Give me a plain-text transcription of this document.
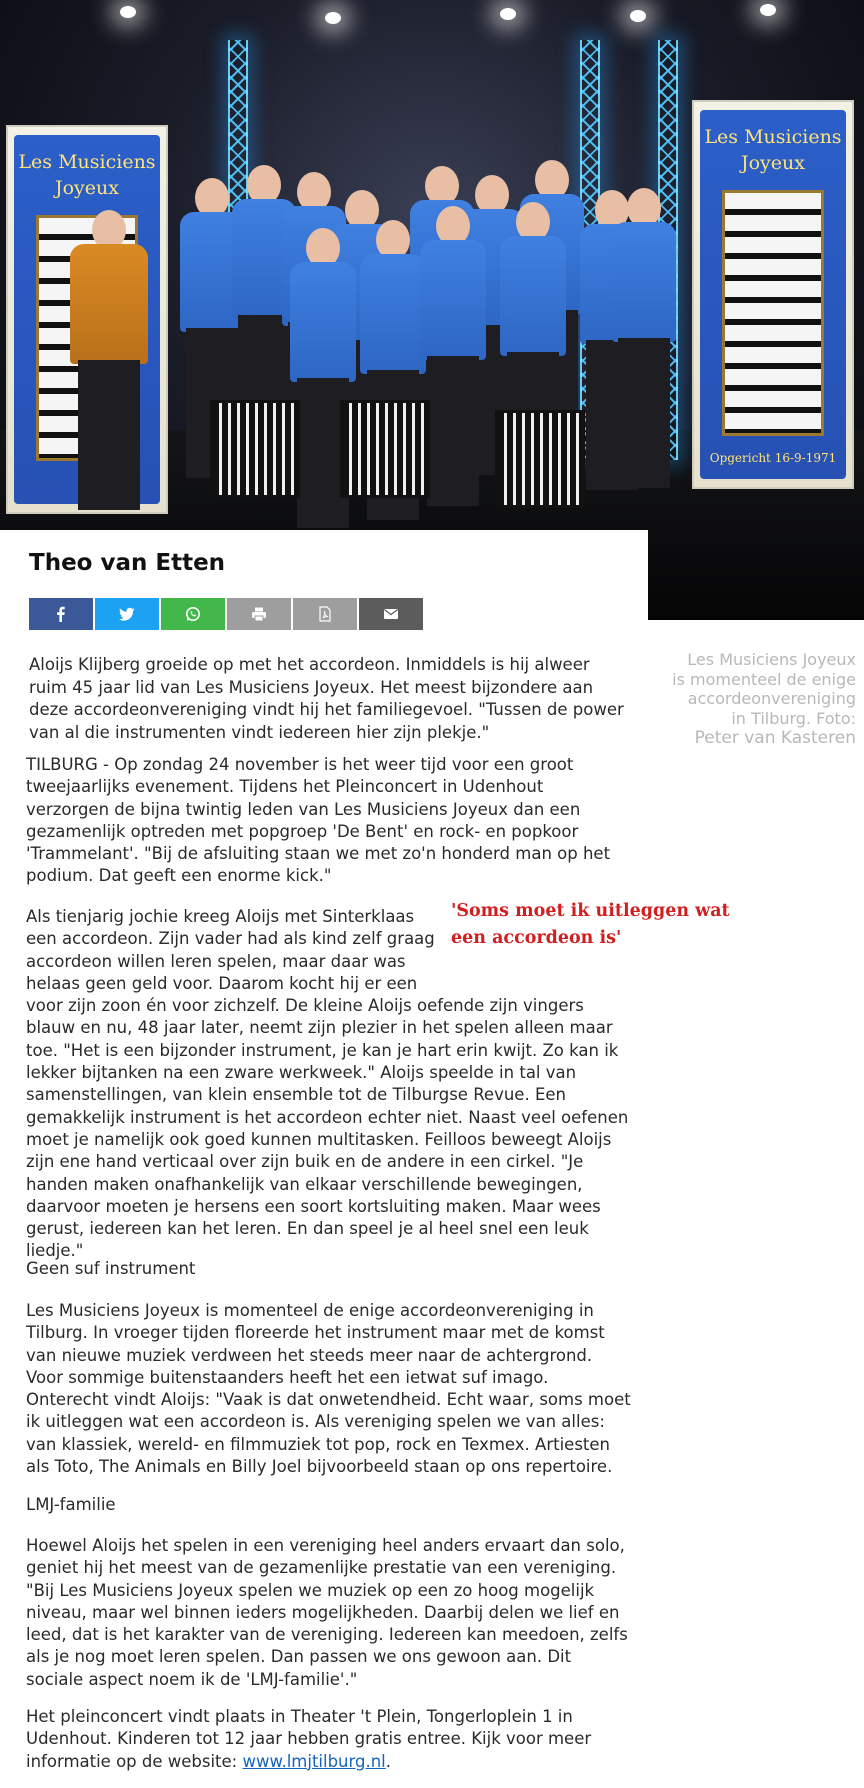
Les Musiciens Joyeux
Les Musiciens Joyeux
Opgericht 16-9-1971
Les Musiciens Joyeux is momenteel de enige accordeonvereniging in Tilburg. Foto:
Peter van Kasteren
Theo van Etten

Aloijs Klijberg groeide op met het accordeon. Inmiddels is hij alweer ruim 45 jaar lid van Les Musiciens Joyeux. Het meest bijzondere aan deze accordeonvereniging vindt hij het familiegevoel. "Tussen de power van al die instrumenten vindt iedereen hier zijn plekje."

TILBURG - Op zondag 24 november is het weer tijd voor een groot tweejaarlijks evenement. Tijdens het Pleinconcert in Udenhout verzorgen de bijna twintig leden van Les Musiciens Joyeux dan een gezamenlijk optreden met popgroep 'De Bent' en rock- en popkoor 'Trammelant'. "Bij de afsluiting staan we met zo'n honderd man op het podium. Dat geeft een enorme kick."

'Soms moet ik uitleggen wat een accordeon is'

Als tienjarig jochie kreeg Aloijs met Sinterklaas
een accordeon. Zijn vader had als kind zelf graag
accordeon willen leren spelen, maar daar was
helaas geen geld voor. Daarom kocht hij er een
voor zijn zoon én voor zichzelf. De kleine Aloijs oefende zijn vingers blauw en nu, 48 jaar later, neemt zijn plezier in het spelen alleen maar toe. "Het is een bijzonder instrument, je kan je hart erin kwijt. Zo kan ik lekker bijtanken na een zware werkweek." Aloijs speelde in tal van samenstellingen, van klein ensemble tot de Tilburgse Revue. Een gemakkelijk instrument is het accordeon echter niet. Naast veel oefenen moet je namelijk ook goed kunnen multitasken. Feilloos beweegt Aloijs zijn ene hand verticaal over zijn buik en de andere in een cirkel. "Je handen maken onafhankelijk van elkaar verschillende bewegingen, daarvoor moeten je hersens een soort kortsluiting maken. Maar wees gerust, iedereen kan het leren. En dan speel je al heel snel een leuk liedje."

Geen suf instrument

Les Musiciens Joyeux is momenteel de enige accordeonvereniging in Tilburg. In vroeger tijden floreerde het instrument maar met de komst van nieuwe muziek verdween het steeds meer naar de achtergrond. Voor sommige buitenstaanders heeft het een ietwat suf imago. Onterecht vindt Aloijs: "Vaak is dat onwetendheid. Echt waar, soms moet ik uitleggen wat een accordeon is. Als vereniging spelen we van alles: van klassiek, wereld- en filmmuziek tot pop, rock en Texmex. Artiesten als Toto, The Animals en Billy Joel bijvoorbeeld staan op ons repertoire.

LMJ-familie

Hoewel Aloijs het spelen in een vereniging heel anders ervaart dan solo, geniet hij het meest van de gezamenlijke prestatie van een vereniging. "Bij Les Musiciens Joyeux spelen we muziek op een zo hoog mogelijk niveau, maar wel binnen ieders mogelijkheden. Daarbij delen we lief en leed, dat is het karakter van de vereniging. Iedereen kan meedoen, zelfs als je nog moet leren spelen. Dan passen we ons gewoon aan. Dit sociale aspect noem ik de 'LMJ-familie'."

Het pleinconcert vindt plaats in Theater 't Plein, Tongerloplein 1 in Udenhout. Kinderen tot 12 jaar hebben gratis entree. Kijk voor meer informatie op de website: www.lmjtilburg.nl.
